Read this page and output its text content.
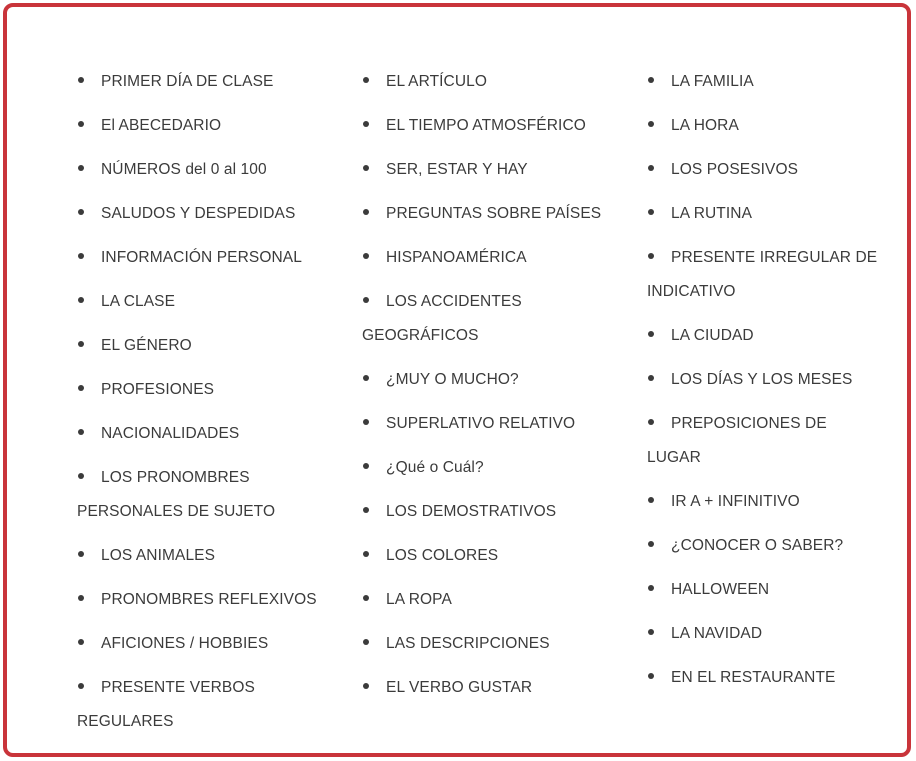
PRIMER DÍA DE CLASE
El ABECEDARIO
NÚMEROS del 0 al 100
SALUDOS Y DESPEDIDAS
INFORMACIÓN PERSONAL
LA CLASE
EL GÉNERO
PROFESIONES
NACIONALIDADES
LOS PRONOMBRES PERSONALES DE SUJETO
LOS ANIMALES
PRONOMBRES REFLEXIVOS
AFICIONES / HOBBIES
PRESENTE VERBOS REGULARES
EL ARTÍCULO
EL TIEMPO ATMOSFÉRICO
SER, ESTAR Y HAY
PREGUNTAS SOBRE PAÍSES
HISPANOAMÉRICA
LOS ACCIDENTES GEOGRÁFICOS
¿MUY O MUCHO?
SUPERLATIVO RELATIVO
¿Qué o Cuál?
LOS DEMOSTRATIVOS
LOS COLORES
LA ROPA
LAS DESCRIPCIONES
EL VERBO GUSTAR
LA FAMILIA
LA HORA
LOS POSESIVOS
LA RUTINA
PRESENTE IRREGULAR DE INDICATIVO
LA CIUDAD
LOS DÍAS Y LOS MESES
PREPOSICIONES DE LUGAR
IR A + INFINITIVO
¿CONOCER O SABER?
HALLOWEEN
LA NAVIDAD
EN EL RESTAURANTE
